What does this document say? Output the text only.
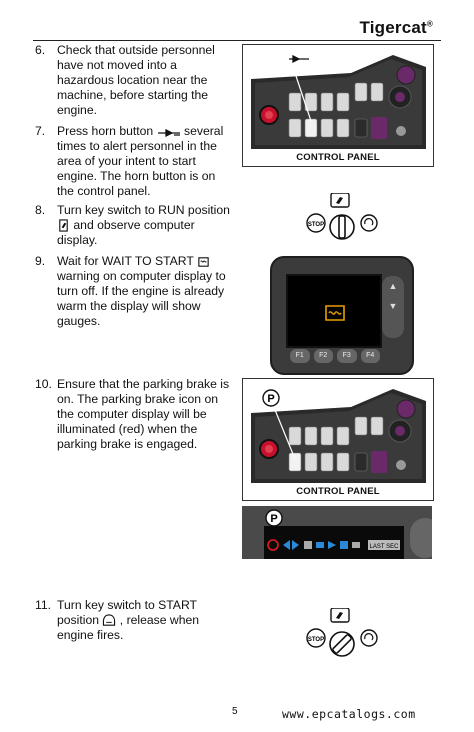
Tigercat®
6. Check that outside personnel have not moved into a hazardous location near the machine, before starting the engine.
7. Press horn button	several times to alert personnel in the area of your intent to start engine. The horn button is on the control panel.
8. Turn key switch to RUN position  and observe computer display.
9. Wait for WAIT TO START  warning on computer display to turn off. If the engine is already warm the display will show gauges.
10. Ensure that the parking brake is on. The parking brake icon on the computer display will be illuminated (red) when the parking brake is engaged.
11. Turn key switch to START position , release when engine fires.
CONTROL PANEL
STOP
▲
▼
F1	F2	F3	F4
P
CONTROL PANEL
LAST SEC
P
STOP
5	www.epcatalogs.com
